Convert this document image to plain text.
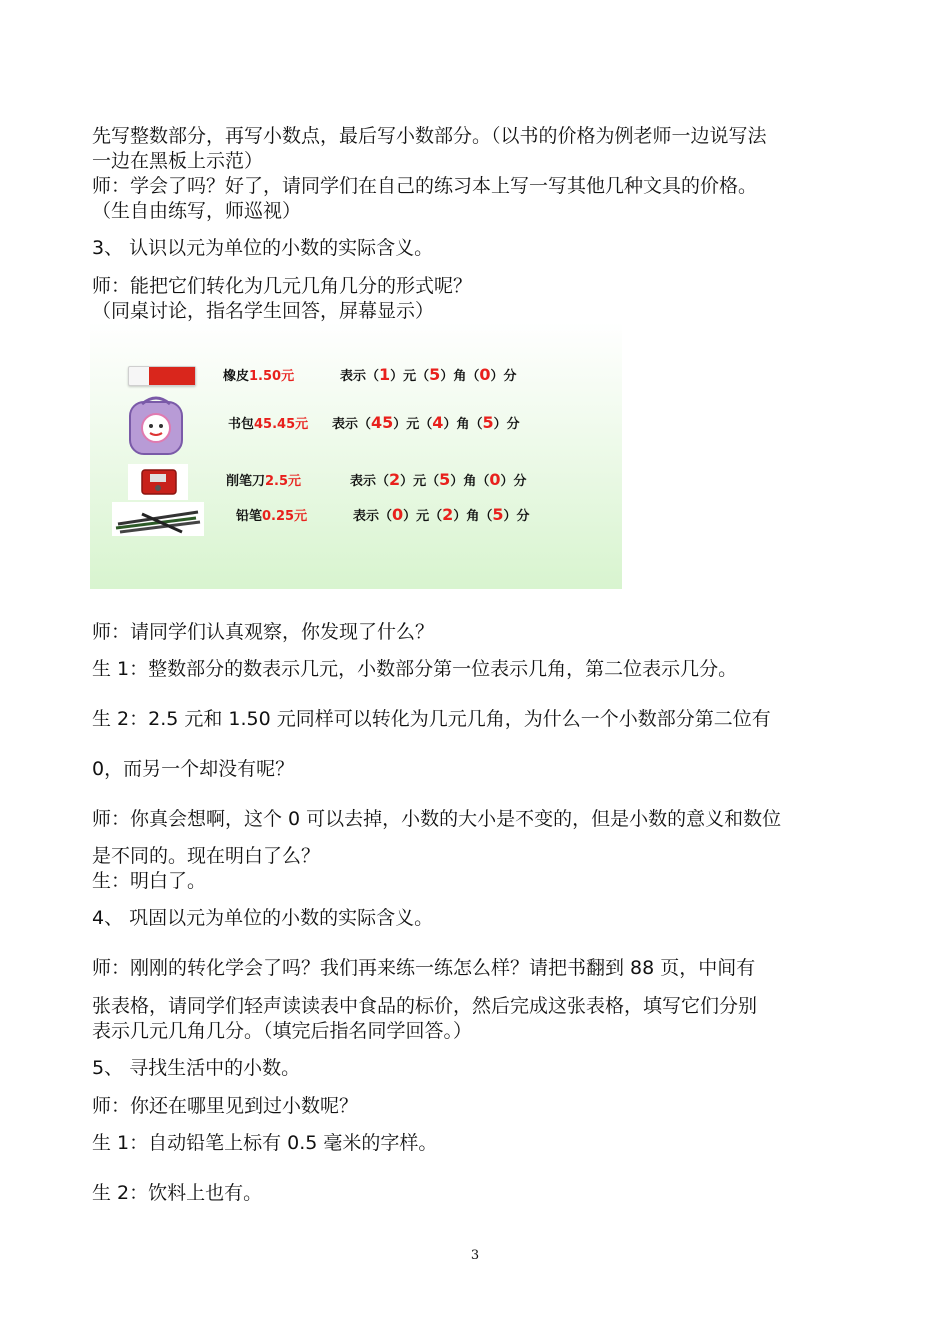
先写整数部分，再写小数点，最后写小数部分。（以书的价格为例老师一边说写法
一边在黑板上示范）
师：学会了吗？好了，请同学们在自己的练习本上写一写其他几种文具的价格。
（生自由练写，师巡视）
3、 认识以元为单位的小数的实际含义。
师：能把它们转化为几元几角几分的形式呢？
（同桌讨论，指名学生回答，屏幕显示）
橡皮1.50元	表示（1）元（5）角（0）分
书包45.45元 表示（45）元（4）角（5）分
削笔刀2.5元	表示（2）元（5）角（0）分
铅笔0.25元	表示（0）元（2）角（5）分
师：请同学们认真观察，你发现了什么？
生 1：整数部分的数表示几元，小数部分第一位表示几角，第二位表示几分。
生 2：2.5 元和 1.50 元同样可以转化为几元几角，为什么一个小数部分第二位有
0，而另一个却没有呢？
师：你真会想啊，这个 0 可以去掉，小数的大小是不变的，但是小数的意义和数位
是不同的。现在明白了么？
生：明白了。
4、 巩固以元为单位的小数的实际含义。
师：刚刚的转化学会了吗？我们再来练一练怎么样？请把书翻到 88 页，中间有
张表格，请同学们轻声读读表中食品的标价，然后完成这张表格，填写它们分别
表示几元几角几分。（填完后指名同学回答。）
5、 寻找生活中的小数。
师：你还在哪里见到过小数呢？
生 1：自动铅笔上标有 0.5 毫米的字样。
生 2：饮料上也有。
3
